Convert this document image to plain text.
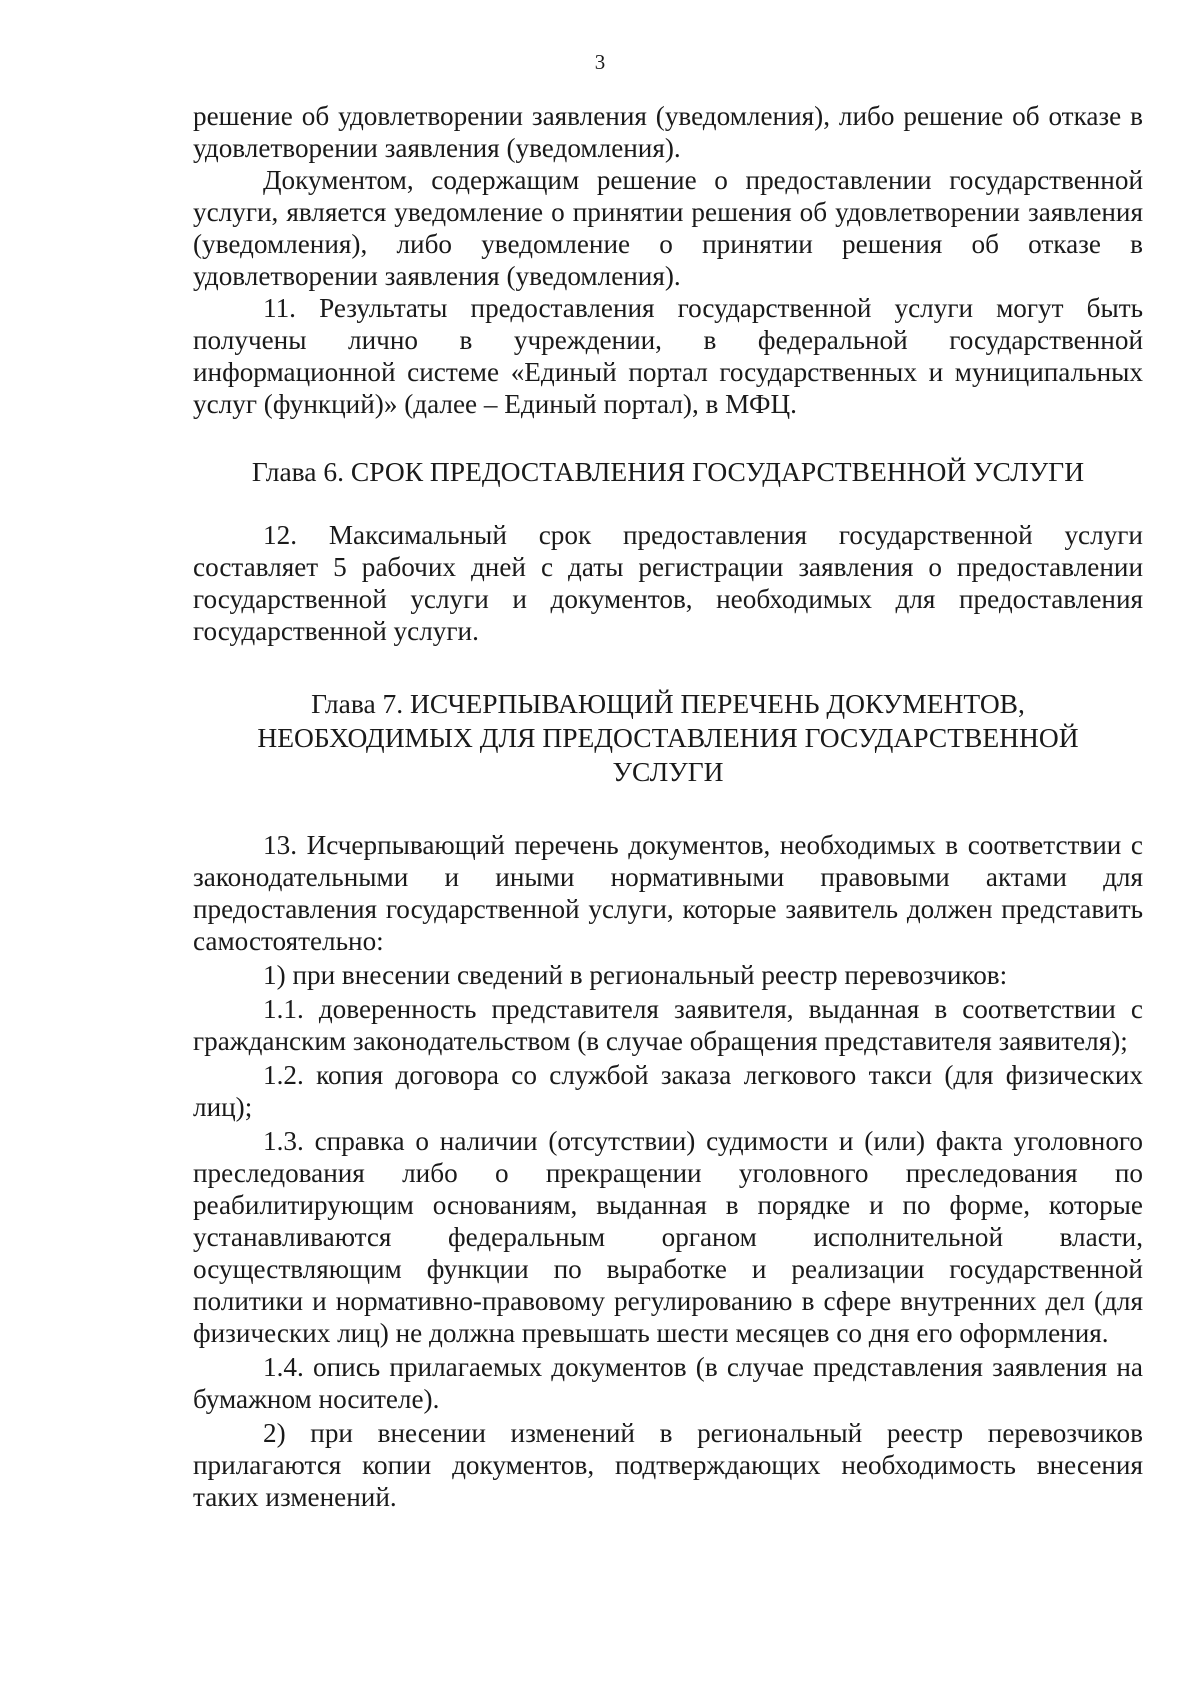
3

решение об удовлетворении заявления (уведомления), либо решение об отказе в удовлетворении заявления (уведомления).

Документом, содержащим решение о предоставлении государственной услуги, является уведомление о принятии решения об удовлетворении заявления (уведомления), либо уведомление о принятии решения об отказе в удовлетворении заявления (уведомления).

11. Результаты предоставления государственной услуги могут быть получены лично в учреждении, в федеральной государственной информационной системе «Единый портал государственных и муниципальных услуг (функций)» (далее – Единый портал), в МФЦ.

Глава 6. СРОК ПРЕДОСТАВЛЕНИЯ ГОСУДАРСТВЕННОЙ УСЛУГИ

12. Максимальный срок предоставления государственной услуги составляет 5 рабочих дней с даты регистрации заявления о предоставлении государственной услуги и документов, необходимых для предоставления государственной услуги.

Глава 7. ИСЧЕРПЫВАЮЩИЙ ПЕРЕЧЕНЬ ДОКУМЕНТОВ,
НЕОБХОДИМЫХ ДЛЯ ПРЕДОСТАВЛЕНИЯ ГОСУДАРСТВЕННОЙ
УСЛУГИ

13. Исчерпывающий перечень документов, необходимых в соответствии с законодательными и иными нормативными правовыми актами для предоставления государственной услуги, которые заявитель должен представить самостоятельно:

1) при внесении сведений в региональный реестр перевозчиков:

1.1. доверенность представителя заявителя, выданная в соответствии с гражданским законодательством (в случае обращения представителя заявителя);

1.2. копия договора со службой заказа легкового такси (для физических лиц);

1.3. справка о наличии (отсутствии) судимости и (или) факта уголовного преследования либо о прекращении уголовного преследования по реабилитирующим основаниям, выданная в порядке и по форме, которые устанавливаются федеральным органом исполнительной власти, осуществляющим функции по выработке и реализации государственной политики и нормативно-правовому регулированию в сфере внутренних дел (для физических лиц) не должна превышать шести месяцев со дня его оформления.

1.4. опись прилагаемых документов (в случае представления заявления на бумажном носителе).

2) при внесении изменений в региональный реестр перевозчиков прилагаются копии документов, подтверждающих необходимость внесения таких изменений.
